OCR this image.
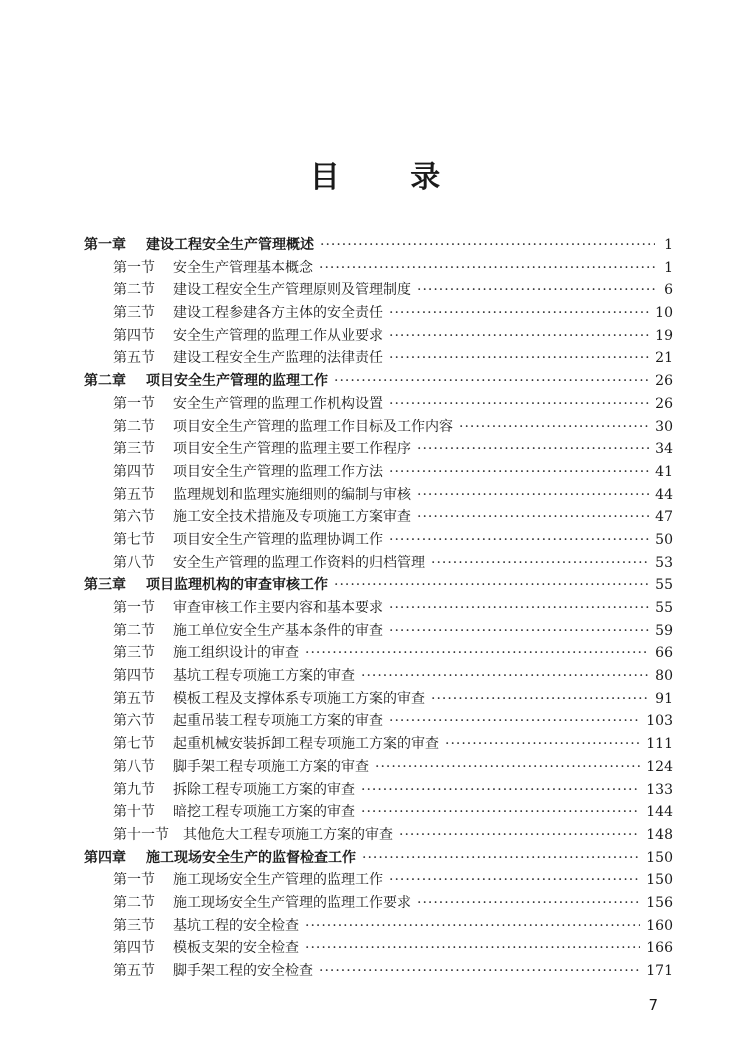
目 录
第一章 建设工程安全生产管理概述 ·····	1
第一节 安全生产管理基本概念 ·····	1
第二节 建设工程安全生产管理原则及管理制度 ·····	6
第三节 建设工程参建各方主体的安全责任 ·····	10
第四节 安全生产管理的监理工作从业要求 ·····	19
第五节 建设工程安全生产监理的法律责任 ·····	21
第二章 项目安全生产管理的监理工作 ·····	26
第一节 安全生产管理的监理工作机构设置 ·····	26
第二节 项目安全生产管理的监理工作目标及工作内容 ·····	30
第三节 项目安全生产管理的监理主要工作程序 ·····	34
第四节 项目安全生产管理的监理工作方法 ·····	41
第五节 监理规划和监理实施细则的编制与审核 ·····	44
第六节 施工安全技术措施及专项施工方案审查 ·····	47
第七节 项目安全生产管理的监理协调工作 ·····	50
第八节 安全生产管理的监理工作资料的归档管理 ·····	53
第三章 项目监理机构的审查审核工作 ·····	55
第一节 审查审核工作主要内容和基本要求 ·····	55
第二节 施工单位安全生产基本条件的审查 ·····	59
第三节 施工组织设计的审查 ·····	66
第四节 基坑工程专项施工方案的审查 ·····	80
第五节 模板工程及支撑体系专项施工方案的审查 ·····	91
第六节 起重吊装工程专项施工方案的审查 ·····	103
第七节 起重机械安装拆卸工程专项施工方案的审查 ·····	111
第八节 脚手架工程专项施工方案的审查 ·····	124
第九节 拆除工程专项施工方案的审查 ·····	133
第十节 暗挖工程专项施工方案的审查 ·····	144
第十一节 其他危大工程专项施工方案的审查 ·····	148
第四章 施工现场安全生产的监督检查工作 ·····	150
第一节 施工现场安全生产管理的监理工作 ·····	150
第二节 施工现场安全生产管理的监理工作要求 ·····	156
第三节 基坑工程的安全检查 ·····	160
第四节 模板支架的安全检查 ·····	166
第五节 脚手架工程的安全检查 ·····	171
7
